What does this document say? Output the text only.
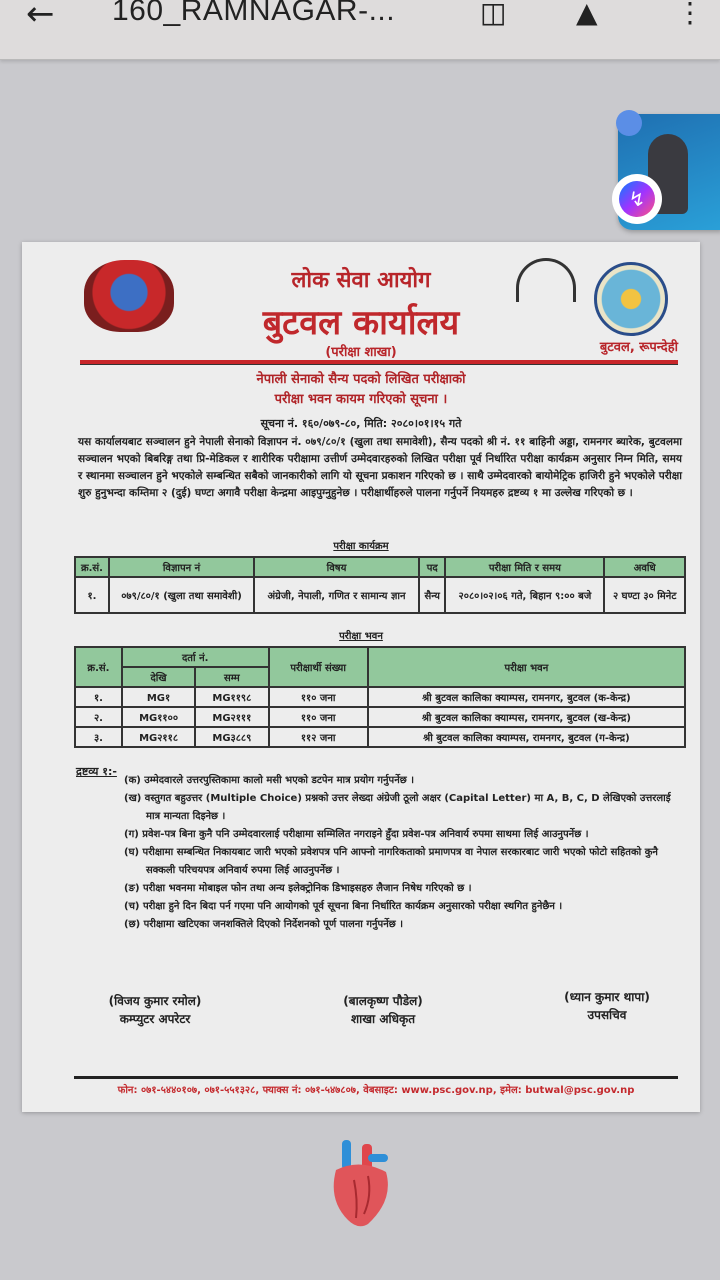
← 160_RAMNAGAR-...	◫ ▲	⋮
↯
लोक सेवा आयोग
बुटवल कार्यालय
(परीक्षा शाखा)	बुटवल, रूपन्देही
नेपाली सेनाको सैन्य पदको लिखित परीक्षाको
परीक्षा भवन कायम गरिएको सूचना ।
सूचना नं. १६०/०७९-८०, मिति: २०८०।०१।१५ गते
यस कार्यालयबाट सञ्चालन हुने नेपाली सेनाको विज्ञापन नं. ०७९/८०/१ (खुला तथा समावेशी), सैन्य पदको श्री नं. ११ बाहिनी अड्डा, रामनगर ब्यारेक, बुटवलमा सञ्चालन भएको बिबरिङ्ग तथा प्रि-मेडिकल र शारीरिक परीक्षामा उत्तीर्ण उम्मेदवारहरुको लिखित परीक्षा पूर्व निर्धारित परीक्षा कार्यक्रम अनुसार निम्न मिति, समय र स्थानमा सञ्चालन हुने भएकोले सम्बन्धित सबैको जानकारीको लागि यो सूचना प्रकाशन गरिएको छ । साथै उम्मेदवारको बायोमेट्रिक हाजिरी हुने भएकोले परीक्षा शुरु हुनुभन्दा कम्तिमा २ (दुई) घण्टा अगावै परीक्षा केन्द्रमा आइपुग्नुहुनेछ । परीक्षार्थीहरुले पालना गर्नुपर्ने नियमहरु द्रष्टव्य १ मा उल्लेख गरिएको छ ।
परीक्षा कार्यक्रम
क्र.सं.	विज्ञापन नं	विषय	पद	परीक्षा मिति र समय	अवधि
१.	०७९/८०/१ (खुला तथा समावेशी)	अंग्रेजी, नेपाली, गणित र सामान्य ज्ञान	सैन्य	२०८०।०२।०६ गते, बिहान ९:०० बजे	२ घण्टा ३० मिनेट
परीक्षा भवन
क्र.सं.	दर्ता नं.		परीक्षार्थी संख्या	परीक्षा भवन
	देखि	सम्म		
१.	MG१	MG११९८	११० जना	श्री बुटवल कालिका क्याम्पस, रामनगर, बुटवल (क-केन्द्र)
२.	MG११००	MG२१११	११० जना	श्री बुटवल कालिका क्याम्पस, रामनगर, बुटवल (ख-केन्द्र)
३.	MG२११८	MG३८८९	११२ जना	श्री बुटवल कालिका क्याम्पस, रामनगर, बुटवल (ग-केन्द्र)
द्रष्टव्य १:-
(क) उम्मेदवारले उत्तरपुस्तिकामा कालो मसी भएको डटपेन मात्र प्रयोग गर्नुपर्नेछ ।
(ख) वस्तुगत बहुउत्तर (Multiple Choice) प्रश्नको उत्तर लेख्दा अंग्रेजी ठूलो अक्षर (Capital Letter) मा A, B, C, D लेखिएको उत्तरलाई मात्र मान्यता दिइनेछ ।
(ग) प्रवेश-पत्र बिना कुनै पनि उम्मेदवारलाई परीक्षामा सम्मिलित नगराइने हुँदा प्रवेश-पत्र अनिवार्य रुपमा साथमा लिई आउनुपर्नेछ ।
(घ) परीक्षामा सम्बन्धित निकायबाट जारी भएको प्रवेशपत्र पनि आफ्नो नागरिकताको प्रमाणपत्र वा नेपाल सरकारबाट जारी भएको फोटो सहितको कुनै सक्कली परिचयपत्र अनिवार्य रुपमा लिई आउनुपर्नेछ ।
(ङ) परीक्षा भवनमा मोबाइल फोन तथा अन्य इलेक्ट्रोनिक डिभाइसहरु लैजान निषेध गरिएको छ ।
(च) परीक्षा हुने दिन बिदा पर्न गएमा पनि आयोगको पूर्व सूचना बिना निर्धारित कार्यक्रम अनुसारको परीक्षा स्थगित हुनेछैन ।
(छ) परीक्षामा खटिएका जनशक्तिले दिएको निर्देशनको पूर्ण पालना गर्नुपर्नेछ ।
(विजय कुमार रमोल)
कम्प्युटर अपरेटर
(बालकृष्ण पौडेल)
शाखा अधिकृत
(ध्यान कुमार थापा)
उपसचिव
फोन: ०७१-५४४०१०७, ०७१-५५१३२८, फ्याक्स नं: ०७१-५४७८०७, वेबसाइट: www.psc.gov.np, इमेल: butwal@psc.gov.np
